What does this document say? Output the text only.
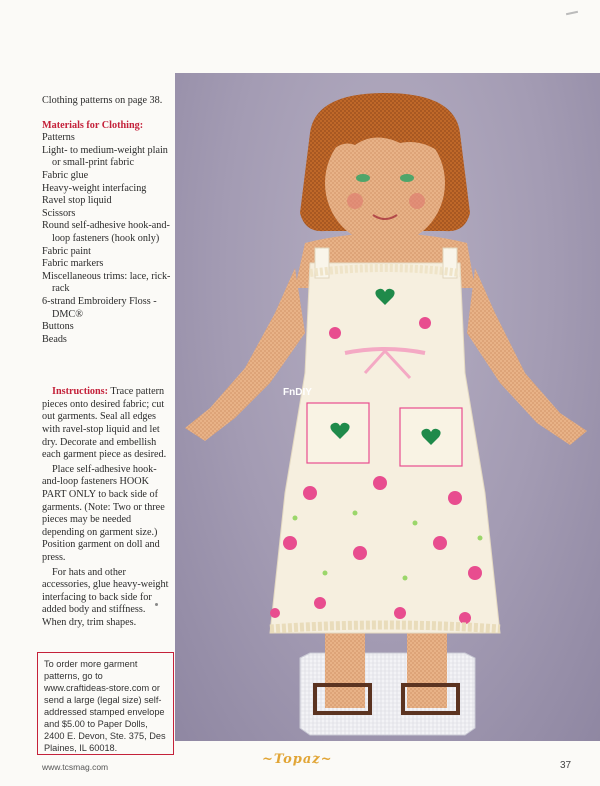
Clothing patterns on page 38.

Materials for Clothing:
Patterns
Light- to medium-weight plain or small-print fabric
Fabric glue
Heavy-weight interfacing
Ravel stop liquid
Scissors
Round self-adhesive hook-and-loop fasteners (hook only)
Fabric paint
Fabric markers
Miscellaneous trims: lace, rick-rack
6-strand Embroidery Floss - DMC®
Buttons
Beads

Instructions: Trace pattern pieces onto desired fabric; cut out garments. Seal all edges with ravel-stop liquid and let dry. Decorate and embellish each garment piece as desired.

Place self-adhesive hook-and-loop fasteners HOOK PART ONLY to back side of garments. (Note: Two or three pieces may be needed depending on garment size.) Position garment on doll and press.

For hats and other accessories, glue heavy-weight interfacing to back side for added body and stiffness. When dry, trim shapes.

To order more garment patterns, go to www.craftideas-store.com or send a large (legal size) self-addressed stamped envelope and $5.00 to Paper Dolls, 2400 E. Devon, Ste. 375, Des Plaines, IL 60018.
FnDIY
~Topaz~
www.tcsmag.com	37
